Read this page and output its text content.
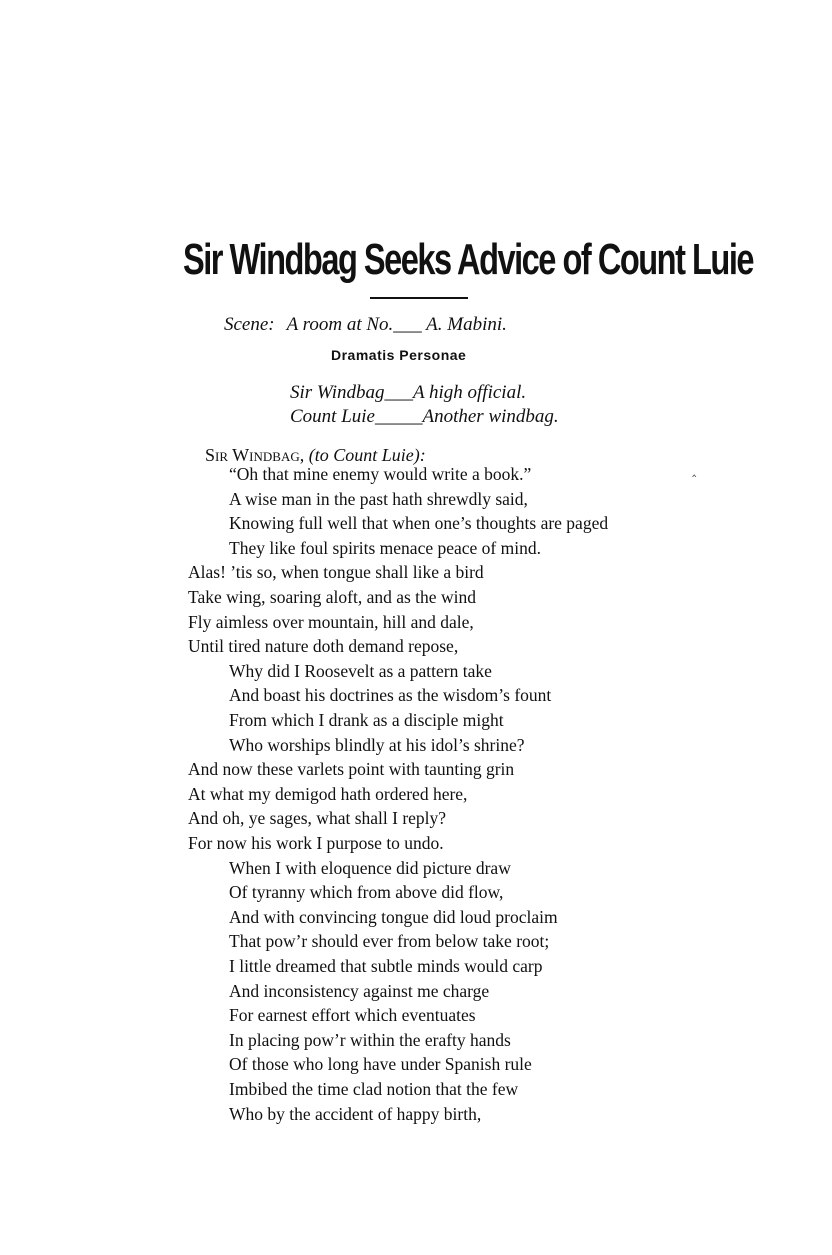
Sir Windbag Seeks Advice of Count Luie
Scene: A room at No.___ A. Mabini.
Dramatis Personae
Sir Windbag___A high official.
Count Luie_____Another windbag.
Sir Windbag, (to Count Luie):
‸
“Oh that mine enemy would write a book.”
A wise man in the past hath shrewdly said,
Knowing full well that when one’s thoughts are paged
They like foul spirits menace peace of mind.
Alas! ’tis so, when tongue shall like a bird
Take wing, soaring aloft, and as the wind
Fly aimless over mountain, hill and dale,
Until tired nature doth demand repose,
Why did I Roosevelt as a pattern take
And boast his doctrines as the wisdom’s fount
From which I drank as a disciple might
Who worships blindly at his idol’s shrine?
And now these varlets point with taunting grin
At what my demigod hath ordered here,
And oh, ye sages, what shall I reply?
For now his work I purpose to undo.
When I with eloquence did picture draw
Of tyranny which from above did flow,
And with convincing tongue did loud proclaim
That pow’r should ever from below take root;
I little dreamed that subtle minds would carp
And inconsistency against me charge
For earnest effort which eventuates
In placing pow’r within the erafty hands
Of those who long have under Spanish rule
Imbibed the time clad notion that the few
Who by the accident of happy birth,
